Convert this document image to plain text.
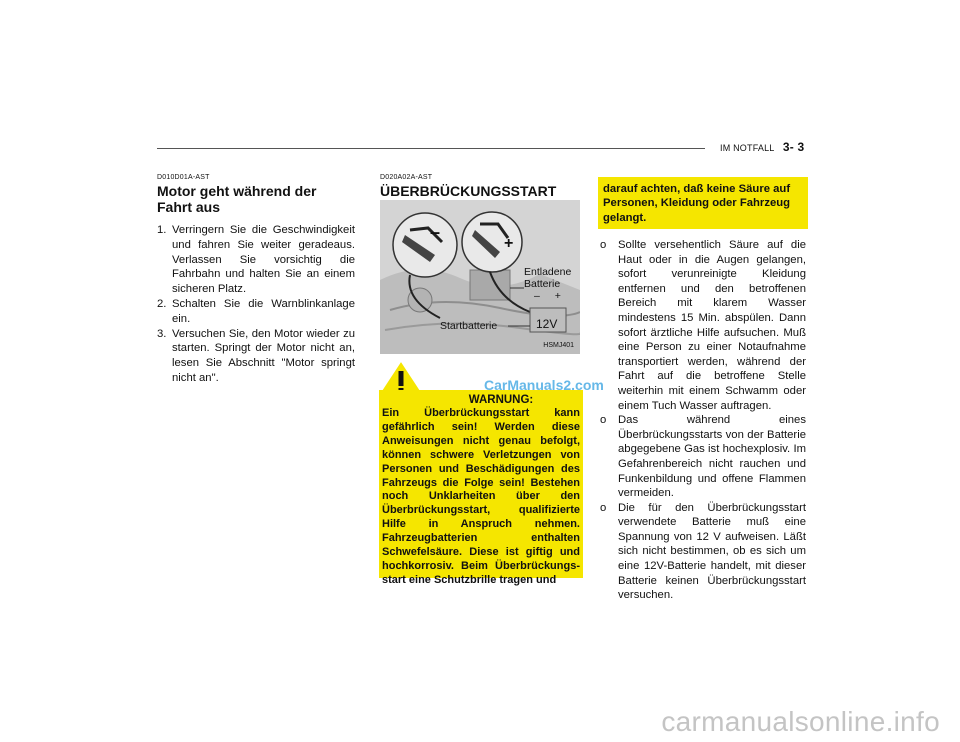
IM NOTFALL 3- 3

D010D01A-AST

Motor geht während der Fahrt aus
1. Verringern Sie die Geschwindigkeit und fahren Sie weiter geradeaus. Verlassen Sie vorsichtig die Fahrbahn und halten Sie an einem sicheren Platz.
2. Schalten Sie die Warnblinkanlage ein.
3. Versuchen Sie, den Motor wieder zu starten. Springt der Motor nicht an, lesen Sie Abschnitt "Motor springt nicht an".

D020A02A-AST

ÜBERBRÜCKUNGSSTART
–
+
Entladene
Batterie
– +
Startbatterie	12V
HSMJ401
WARNUNG:

Ein Überbrückungsstart kann gefährlich sein! Werden diese Anweisungen nicht genau befolgt, können schwere Verletzungen von Personen und Beschädigungen des Fahrzeugs die Folge sein! Bestehen noch Unklarheiten über den Überbrückungsstart, qualifizierte Hilfe in Anspruch nehmen. Fahrzeugbatterien enthalten Schwefelsäure. Diese ist giftig und hochkorrosiv. Beim Überbrückungs-start eine Schutzbrille tragen und

darauf achten, daß keine Säure auf Personen, Kleidung oder Fahrzeug gelangt.
o Sollte versehentlich Säure auf die Haut oder in die Augen gelangen, sofort verunreinigte Kleidung entfernen und den betroffenen Bereich mit klarem Wasser mindestens 15 Min. abspülen. Dann sofort ärztliche Hilfe aufsuchen. Muß eine Person zu einer Notaufnahme transportiert werden, während der Fahrt auf die betroffene Stelle weiterhin mit einem Schwamm oder einem Tuch Wasser auftragen.
o Das während eines Überbrückungsstarts von der Batterie abgegebene Gas ist hochexplosiv. Im Gefahrenbereich nicht rauchen und Funkenbildung und offene Flammen vermeiden.
o Die für den Überbrückungsstart verwendete Batterie muß eine Spannung von 12 V aufweisen. Läßt sich nicht bestimmen, ob es sich um eine 12V-Batterie handelt, mit dieser Batterie keinen Überbrückungsstart versuchen.
CarManuals2.com
carmanualsonline.info
